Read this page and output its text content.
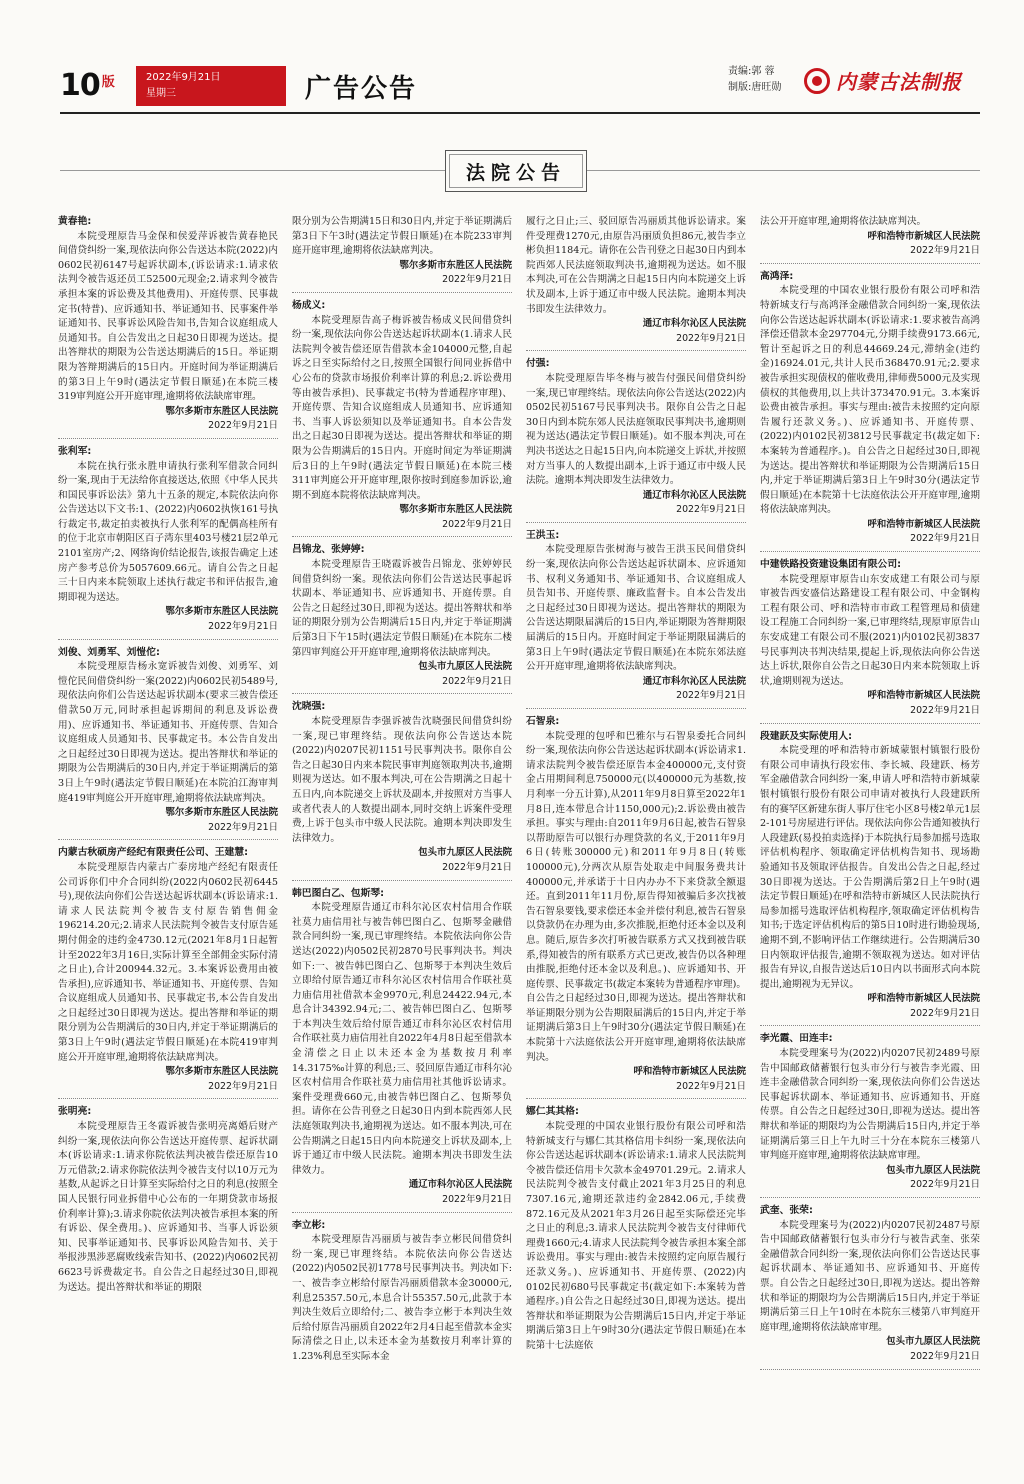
10 版	2022年9月21日
星期三	广告公告
责编:郭 蓉
制版:唐旺勋	内蒙古法制报
法院公告
黄春艳:
本院受理原告马金保和侯爱萍诉被告黄春艳民间借贷纠纷一案,现依法向你公告送达本院(2022)内0602民初6147号起诉状副本,(诉讼请求:1.请求依法判令被告返还员工52500元现金;2.请求判令被告承担本案的诉讼费及其他费用)、开庭传票、民事裁定书(特普)、应诉通知书、举证通知书、民事案件举证通知书、民事诉讼风险告知书,告知合议庭组成人员通知书。自公告发出之日起30日即视为送达。提出答辩状的期限为公告送达期满后的15日。举证期限为答辩期满后的15日内。开庭时间为举证期满后的第3日上午9时(遇法定节假日顺延)在本院三楼319审判庭公开开庭审理,逾期将依法缺席审理。
鄂尔多斯市东胜区人民法院
2022年9月21日
张利军:
本院在执行张永胜申请执行张利军借款合同纠纷一案,现由于无法给你直接送达,依照《中华人民共和国民事诉讼法》第九十五条的规定,本院依法向你公告送达以下文书:1、(2022)内0602执恢161号执行裁定书,裁定拍卖被执行人张利军的配偶高桂所有的位于北京市朝阳区百子湾东里403号楼21层2单元2101室房产;2、网络询价结论报告,该报告确定上述房产参考总价为5057609.66元。请自公告之日起三十日内来本院领取上述执行裁定书和评估报告,逾期即视为送达。
鄂尔多斯市东胜区人民法院
2022年9月21日
刘俊、刘勇军、刘愷佗:
本院受理原告杨永宽诉被告刘俊、刘勇军、刘愷佗民间借贷纠纷一案(2022)内0602民初5489号,现依法向你们公告送达起诉状副本(要求三被告偿还借款50万元,同时承担起诉期间的利息及诉讼费用)、应诉通知书、举证通知书、开庭传票、告知合议庭组成人员通知书、民事裁定书。本公告自发出之日起经过30日即视为送达。提出答辩状和举证的期限为公告期满后的30日内,并定于举证期满后的第3日上午9时(遇法定节假日顺延)在本院泊江海审判庭419审判庭公开开庭审理,逾期将依法缺席判决。
鄂尔多斯市东胜区人民法院
2022年9月21日
内蒙古秋硕房产经纪有限责任公司、王建慧:
本院受理原告内蒙古广泰房地产经纪有限责任公司诉你们中介合同纠纷(2022内0602民初6445号),现依法向你们公告送达起诉状副本(诉讼请求:1.请求人民法院判令被告支付原告销售佣金196214.20元;2.请求人民法院判令被告支付原告延期付佣金的违约金4730.12元(2021年8月1日起暂计至2022年3月16日,实际计算至全部佣金实际付清之日止),合计200944.32元。3.本案诉讼费用由被告承担),应诉通知书、举证通知书、开庭传票、告知合议庭组成人员通知书、民事裁定书,本公告自发出之日起经过30日即视为送达。提出答辩和举证的期限分别为公告期满后的30日内,并定于举证期满后的第3日上午9时(遇法定节假日顺延)在本院419审判庭公开开庭审理,逾期将依法缺席判决。
鄂尔多斯市东胜区人民法院
2022年9月21日
张明亮:
本院受理原告王冬霞诉被告张明亮离婚后财产纠纷一案,现依法向你公告送达开庭传票、起诉状副本(诉讼请求:1.请求你院依法判决被告偿还原告10万元借款;2.请求你院依法判令被告支付以10万元为基数,从起诉之日计算至实际给付之日的利息(按照全国人民银行同业拆借中心公布的一年期贷款市场报价利率计算);3.请求你院依法判决被告承担本案的所有诉讼、保全费用。)、应诉通知书、当事人诉讼须知、民事举证通知书、民事诉讼风险告知书、关于举报涉黑涉恶腐败线索告知书、(2022)内0602民初6623号诉费裁定书。自公告之日起经过30日,即视为送达。提出答辩状和举证的期限
限分别为公告期满15日和30日内,并定于举证期满后第3日下午3时(遇法定节假日顺延)在本院233审判庭开庭审理,逾期将依法缺席判决。
鄂尔多斯市东胜区人民法院
2022年9月21日
杨成义:
本院受理原告高子梅诉被告杨成义民间借贷纠纷一案,现依法向你公告送达起诉状副本(1.请求人民法院判令被告偿还原告借款本金104000元整,自起诉之日至实际给付之日,按照全国银行间同业拆借中心公布的贷款市场报价利率计算的利息;2.诉讼费用等由被告承担)、民事裁定书(特为普通程序审理)、开庭传票、告知合议庭组成人员通知书、应诉通知书、当事人诉讼须知以及举证通知书。自本公告发出之日起30日即视为送达。提出答辩状和举证的期限为公告期满后的15日内。开庭时间定为举证期满后3日的上午9时(遇法定节假日顺延)在本院三楼311审判庭公开开庭审理,限你按时到庭参加诉讼,逾期不到庭本院将依法缺席判决。
鄂尔多斯市东胜区人民法院
2022年9月21日
吕锦龙、张婷婷:
本院受理原告王晓霞诉被告吕锦龙、张婷婷民间借贷纠纷一案。现依法向你们公告送达民事起诉状副本、举证通知书、应诉通知书、开庭传票。自公告之日起经过30日,即视为送达。提出答辩状和举证的期限分别为公告期满后15日内,并定于举证期满后第3日下午15时(遇法定节假日顺延)在本院东二楼第四审判庭公开开庭审理,逾期将依法缺席判决。
包头市九原区人民法院
2022年9月21日
沈晓强:
本院受理原告李强诉被告沈晓强民间借贷纠纷一案,现已审理终结。现依法向你公告送达本院(2022)内0207民初1151号民事判决书。限你自公告之日起30日内来本院民事审判庭领取判决书,逾期则视为送达。如不服本判决,可在公告期满之日起十五日内,向本院递交上诉状及副本,并按照对方当事人或者代表人的人数提出副本,同时交纳上诉案件受理费,上诉于包头市中级人民法院。逾期本判决即发生法律效力。
包头市九原区人民法院
2022年9月21日
韩巴图白乙、包斯琴:
本院受理原告通辽市科尔沁区农村信用合作联社莫力庙信用社与被告韩巴图白乙、包斯琴金融借款合同纠纷一案,现已审理终结。本院依法向你公告送达(2022)内0502民初2870号民事判决书。判决如下:一、被告韩巴图白乙、包斯琴于本判决生效后立即给付原告通辽市科尔沁区农村信用合作联社莫力庙信用社借款本金9970元,利息24422.94元,本息合计34392.94元;二、被告韩巴图白乙、包斯琴于本判决生效后给付原告通辽市科尔沁区农村信用合作联社莫力庙信用社自2022年4月8日起至借款本金清偿之日止以未还本金为基数按月利率14.3175‰计算的利息;三、驳回原告通辽市科尔沁区农村信用合作联社莫力庙信用社其他诉讼请求。案件受理费660元,由被告韩巴图白乙、包斯琴负担。请你在公告刊登之日起30日内到本院西郊人民法庭领取判决书,逾期视为送达。如不服本判决,可在公告期满之日起15日内向本院递交上诉状及副本,上诉于通辽市中级人民法院。逾期本判决书即发生法律效力。
通辽市科尔沁区人民法院
2022年9月21日
李立彬:
本院受理原告冯丽质与被告李立彬民间借贷纠纷一案,现已审理终结。本院依法向你公告送达(2022)内0502民初1778号民事判决书。判决如下:一、被告李立彬给付原告冯丽质借款本金30000元,利息25357.50元,本息合计55357.50元,此款于本判决生效后立即给付;二、被告李立彬于本判决生效后给付原告冯丽质自2022年2月4日起至借款本金实际清偿之日止,以未还本金为基数按月利率计算的1.23%利息至实际本金
履行之日止;三、驳回原告冯丽质其他诉讼请求。案件受理费1270元,由原告冯丽质负担86元,被告李立彬负担1184元。请你在公告刊登之日起30日内到本院西郊人民法庭领取判决书,逾期视为送达。如不服本判决,可在公告期满之日起15日内向本院递交上诉状及副本,上诉于通辽市中级人民法院。逾期本判决书即发生法律效力。
通辽市科尔沁区人民法院
2022年9月21日
付强:
本院受理原告毕冬梅与被告付强民间借贷纠纷一案,现已审理终结。现依法向你公告送达(2022)内0502民初5167号民事判决书。限你自公告之日起30日内到本院东郊人民法庭领取民事判决书,逾期则视为送达(遇法定节假日顺延)。如不服本判决,可在判决书送达之日起15日内,向本院递交上诉状,并按照对方当事人的人数提出副本,上诉于通辽市中级人民法院。逾期本判决即发生法律效力。
通辽市科尔沁区人民法院
2022年9月21日
王洪玉:
本院受理原告张树海与被告王洪玉民间借贷纠纷一案,现依法向你公告送达起诉状副本、应诉通知书、权利义务通知书、举证通知书、合议庭组成人员告知书、开庭传票、廉政监督卡。自本公告发出之日起经过30日即视为送达。提出答辩状的期限为公告送达期限届满后的15日内,举证期限为答辩期限届满后的15日内。开庭时间定于举证期限届满后的第3日上午9时(遇法定节假日顺延)在本院东郊法庭公开开庭审理,逾期将依法缺席判决。
通辽市科尔沁区人民法院
2022年9月21日
石智泉:
本院受理的包呼和巴雅尔与石智泉委托合同纠纷一案,现依法向你公告送达起诉状副本(诉讼请求1.请求法院判令被告偿还原告本金400000元,支付资金占用期间利息750000元(以400000元为基数,按月利率一分五计算),从2011年9月8日算至2022年1月8日,连本带息合计1150,000元);2.诉讼费由被告承担。事实与理由:自2011年9月6日起,被告石智泉以帮助原告可以银行办理贷款的名义,于2011年9月6日(转账300000元)和2011年9月8日(转账100000元),分两次从原告处取走中间服务费共计400000元,并承诺于十日内办办不下来贷款全额退还。直到2011年11月份,原告得知被骗后多次找被告石智泉要钱,要求偿还本金并偿付利息,被告石智泉以贷款仍在办理为由,多次推脱,拒绝付还本金以及利息。随后,原告多次打听被告联系方式又找到被告联系,得知被告的所有联系方式已更改,被告仍以各种理由推脱,拒绝付还本金以及利息。)、应诉通知书、开庭传票、民事裁定书(裁定本案转为普通程序审理)。自公告之日起经过30日,即视为送达。提出答辩状和举证期限分别为公告期限届满后的15日内,并定于举证期满后第3日上午9时30分(遇法定节假日顺延)在本院第十六法庭依法公开开庭审理,逾期将依法缺席判决。
呼和浩特市新城区人民法院
2022年9月21日
娜仁其其格:
本院受理的中国农业银行股份有限公司呼和浩特新城支行与娜仁其其格信用卡纠纷一案,现依法向你公告送达起诉状副本(诉讼请求:1.请求人民法院判令被告偿还信用卡欠款本金49701.29元。2.请求人民法院判令被告支付截止2021年3月25日的利息7307.16元,逾期还款违约金2842.06元,手续费872.16元及从2021年3月26日起至实际偿还完毕之日止的利息;3.请求人民法院判令被告支付律师代理费1660元;4.请求人民法院判令被告承担本案全部诉讼费用。事实与理由:被告未按照约定向原告履行还款义务。)、应诉通知书、开庭传票、(2022)内0102民初680号民事裁定书(裁定如下:本案转为普通程序。)自公告之日起经过30日,即视为送达。提出答辩状和举证期限为公告期满后15日内,并定于举证期满后第3日上午9时30分(遇法定节假日顺延)在本院第十七法庭依
法公开开庭审理,逾期将依法缺席判决。
呼和浩特市新城区人民法院
2022年9月21日
高鸿泽:
本院受理的中国农业银行股份有限公司呼和浩特新城支行与高鸿泽金融借款合同纠纷一案,现依法向你公告送达起诉状副本(诉讼请求:1.要求被告高鸿泽偿还借款本金297704元,分期手续费9173.66元,暂计至起诉之日的利息44669.24元,滞纳金(违约金)16924.01元,共计人民币368470.91元;2.要求被告承担实现债权的催收费用,律师费5000元及实现债权的其他费用,以上共计373470.91元。3.本案诉讼费由被告承担。事实与理由:被告未按照约定向原告履行还款义务。)、应诉通知书、开庭传票、(2022)内0102民初3812号民事裁定书(裁定如下:本案转为普通程序。)。自公告之日起经过30日,即视为送达。提出答辩状和举证期限为公告期满后15日内,并定于举证期满后第3日上午9时30分(遇法定节假日顺延)在本院第十七法庭依法公开开庭审理,逾期将依法缺席判决。
呼和浩特市新城区人民法院
2022年9月21日
中建铁路投资建设集团有限公司:
本院受理原审原告山东安成建工有限公司与原审被告西安盛信达路建设工程有限公司、中金钢构工程有限公司、呼和浩特市市政工程管理局和债建设工程施工合同纠纷一案,已审理终结,现原审原告山东安成建工有限公司不服(2021)内0102民初3837号民事判决书判决结果,提起上诉,现依法向你公告送达上诉状,限你自公告之日起30日内来本院领取上诉状,逾期则视为送达。
呼和浩特市新城区人民法院
2022年9月21日
段建跃及实际使用人:
本院受理的呼和浩特市新城蒙银村镇银行股份有限公司申请执行段宏伟、李长城、段建跃、杨芳军金融借款合同纠纷一案,申请人呼和浩特市新城蒙银村镇银行股份有限公司申请对被执行人段建跃所有的赛罕区新建东街人事厅住宅小区8号楼2单元1层2-101号房屋进行评估。现依法向你公告通知被执行人段建跃(易投拍卖选择)于本院执行局参加摇号选取评估机构程序、领取确定评估机构告知书、现场勘验通知书及领取评估报告。自发出公告之日起,经过30日即视为送达。于公告期满后第2日上午9时(遇法定节假日顺延)在呼和浩特市新城区人民法院执行局参加摇号选取评估机构程序,领取确定评估机构告知书;于选定评估机构后的第5日10时进行勘验现场,逾期不到,不影响评估工作继续进行。公告期满后30日内领取评估报告,逾期不领取视为送达。如对评估报告有异议,自报告送达后10日内以书面形式向本院提出,逾期视为无异议。
呼和浩特市新城区人民法院
2022年9月21日
李光霞、田连丰:
本院受理案号为(2022)内0207民初2489号原告中国邮政储蓄银行包头市分行与被告李光霞、田连丰金融借款合同纠纷一案,现依法向你们公告送达民事起诉状副本、举证通知书、应诉通知书、开庭传票。自公告之日起经过30日,即视为送达。提出答辩状和举证的期限均为公告期满后15日内,并定于举证期满后第三日上午九时三十分在本院东三楼第八审判庭开庭审理,逾期将依法缺席审理。
包头市九原区人民法院
2022年9月21日
武奎、张荣:
本院受理案号为(2022)内0207民初2487号原告中国邮政储蓄银行包头市分行与被告武奎、张荣金融借款合同纠纷一案,现依法向你们公告送达民事起诉状副本、举证通知书、应诉通知书、开庭传票。自公告之日起经过30日,即视为送达。提出答辩状和举证的期限均为公告期满后15日内,并定于举证期满后第三日上午10时在本院东三楼第八审判庭开庭审理,逾期将依法缺席审理。
包头市九原区人民法院
2022年9月21日
